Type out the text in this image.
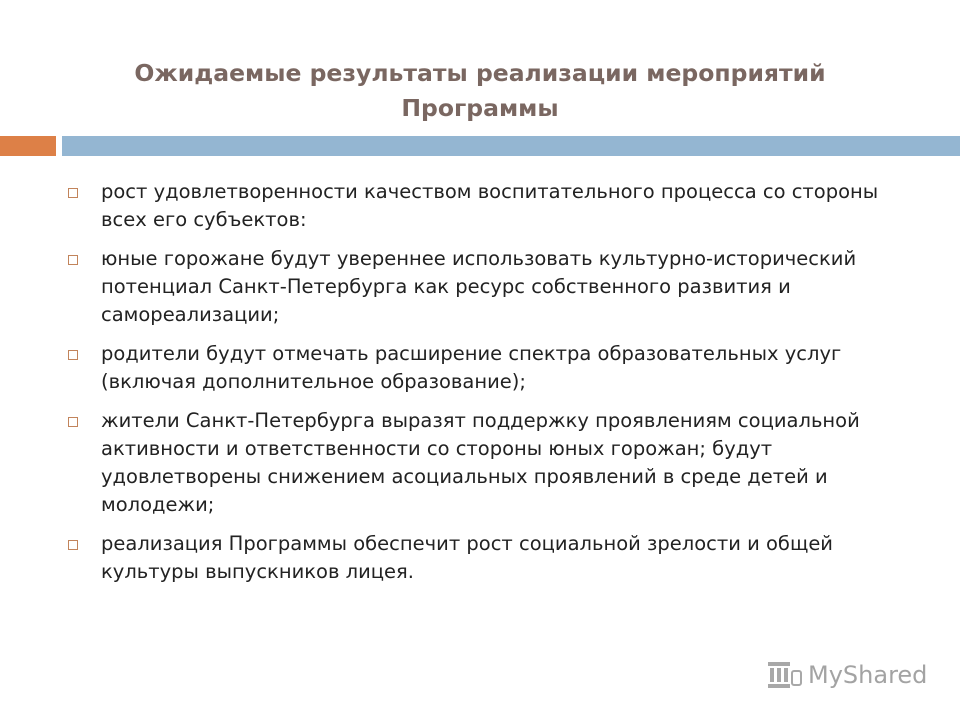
Ожидаемые результаты реализации мероприятий
Программы
рост удовлетворенности качеством воспитательного процесса со стороны всех его субъектов:
юные горожане будут увереннее использовать культурно-исторический потенциал Санкт-Петербурга как ресурс собственного развития и самореализации;
родители будут отмечать расширение спектра образовательных услуг (включая дополнительное образование);
жители Санкт-Петербурга выразят поддержку проявлениям социальной активности и ответственности со стороны юных горожан; будут удовлетворены снижением асоциальных проявлений в среде детей и молодежи;
реализация Программы обеспечит рост социальной зрелости и общей культуры выпускников лицея.
MyShared
